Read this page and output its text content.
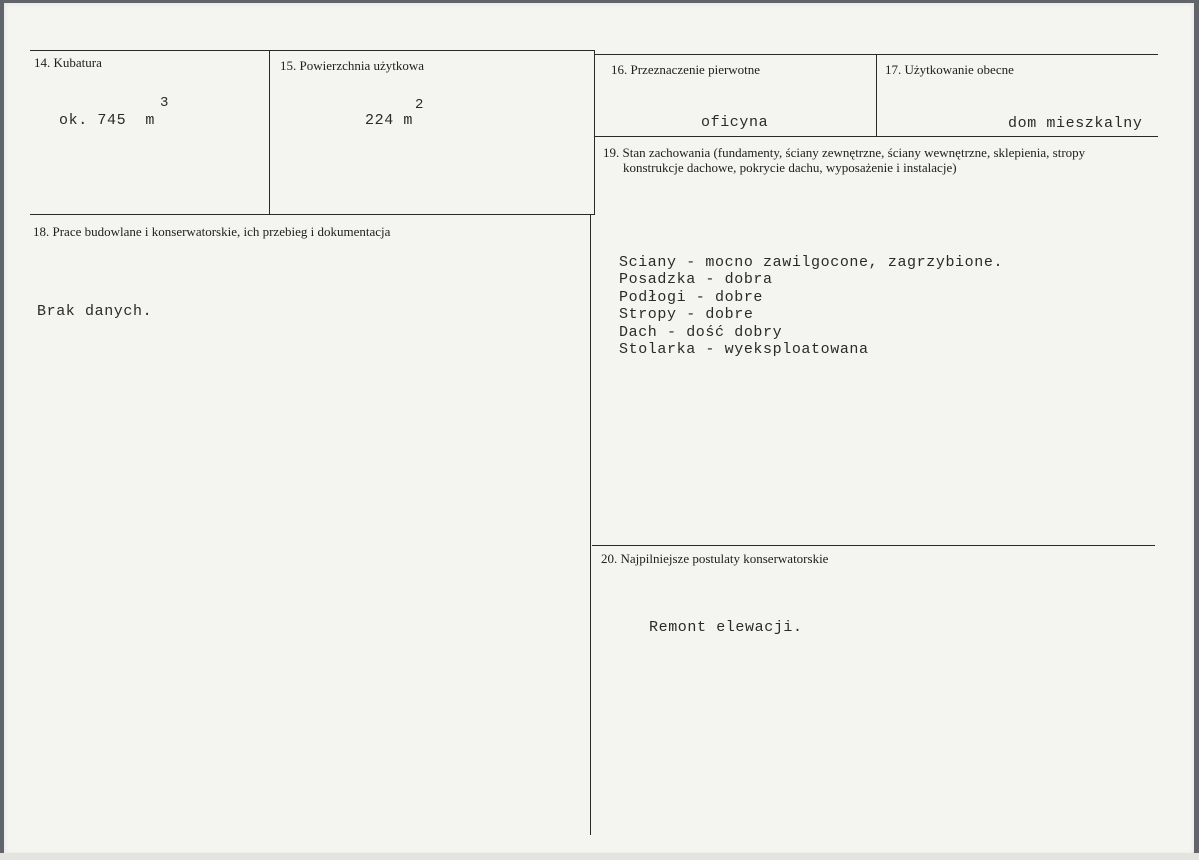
14. Kubatura
3
ok. 745  m
15. Powierzchnia użytkowa
2
224 m
16. Przeznaczenie pierwotne
oficyna
17. Użytkowanie obecne
dom mieszkalny
19. Stan zachowania (fundamenty, ściany zewnętrzne, ściany wewnętrzne, sklepienia, stropy
konstrukcje dachowe, pokrycie dachu, wyposażenie i instalacje)
Sciany - mocno zawilgocone, zagrzybione.
Posadzka - dobra
Podłogi - dobre
Stropy - dobre
Dach - dość dobry
Stolarka - wyeksploatowana
18. Prace budowlane i konserwatorskie, ich przebieg i dokumentacja
Brak danych.
20. Najpilniejsze postulaty konserwatorskie
Remont elewacji.
